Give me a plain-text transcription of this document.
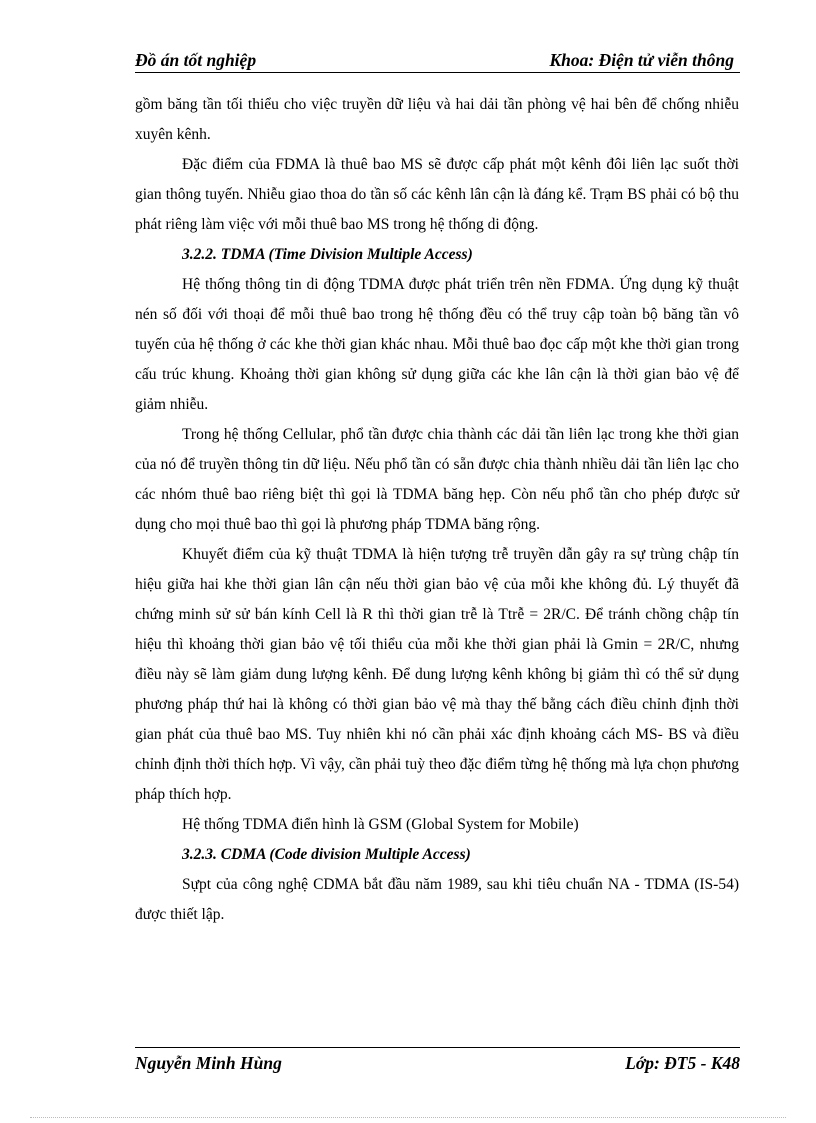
Đồ án tốt nghiệp	Khoa: Điện tử viễn thông

gồm băng tần tối thiểu cho việc truyền dữ liệu và hai dải tần phòng vệ hai bên để chống nhiễu xuyên kênh.

Đặc điểm của FDMA là thuê bao MS sẽ được cấp phát một kênh đôi liên lạc suốt thời gian thông tuyến. Nhiễu giao thoa do tần số các kênh lân cận là đáng kể. Trạm BS phải có bộ thu phát riêng làm việc với mỗi thuê bao MS trong hệ thống di động.

3.2.2. TDMA (Time Division Multiple Access)

Hệ thống thông tin di động TDMA được phát triển trên nền FDMA. Ứng dụng kỹ thuật nén số đối với thoại để mỗi thuê bao trong hệ thống đều có thể truy cập toàn bộ băng tần vô tuyến của hệ thống ở các khe thời gian khác nhau. Mỗi thuê bao đọc cấp một khe thời gian trong cấu trúc khung. Khoảng thời gian không sử dụng giữa các khe lân cận là thời gian bảo vệ để giảm nhiễu.

Trong hệ thống Cellular, phổ tần được chia thành các dải tần liên lạc trong khe thời gian của nó để truyền thông tin dữ liệu. Nếu phổ tần có sẵn được chia thành nhiều dải tần liên lạc cho các nhóm thuê bao riêng biệt thì gọi là TDMA băng hẹp. Còn nếu phổ tần cho phép được sử dụng cho mọi thuê bao thì gọi là phương pháp TDMA băng rộng.

Khuyết điểm của kỹ thuật TDMA là hiện tượng trễ truyền dẫn gây ra sự trùng chập tín hiệu giữa hai khe thời gian lân cận nếu thời gian bảo vệ của mỗi khe không đủ. Lý thuyết đã chứng minh sử sử bán kính Cell là R thì thời gian trễ là Ttrễ = 2R/C. Để tránh chồng chập tín hiệu thì khoảng thời gian bảo vệ tối thiểu của mỗi khe thời gian phải là Gmin = 2R/C, nhưng điều này sẽ làm giảm dung lượng kênh. Để dung lượng kênh không bị giảm thì có thể sử dụng phương pháp thứ hai là không có thời gian bảo vệ mà thay thế bằng cách điều chỉnh định thời gian phát của thuê bao MS. Tuy nhiên khi nó cần phải xác định khoảng cách MS- BS và điều chỉnh định thời thích hợp. Vì vậy, cần phải tuỳ theo đặc điểm từng hệ thống mà lựa chọn phương pháp thích hợp.

Hệ thống TDMA điển hình là GSM (Global System for Mobile)

3.2.3. CDMA (Code division Multiple Access)

Sựpt của công nghệ CDMA bắt đầu năm 1989, sau khi tiêu chuẩn NA - TDMA (IS-54) được thiết lập.

Nguyễn Minh Hùng	Lớp: ĐT5 - K48
